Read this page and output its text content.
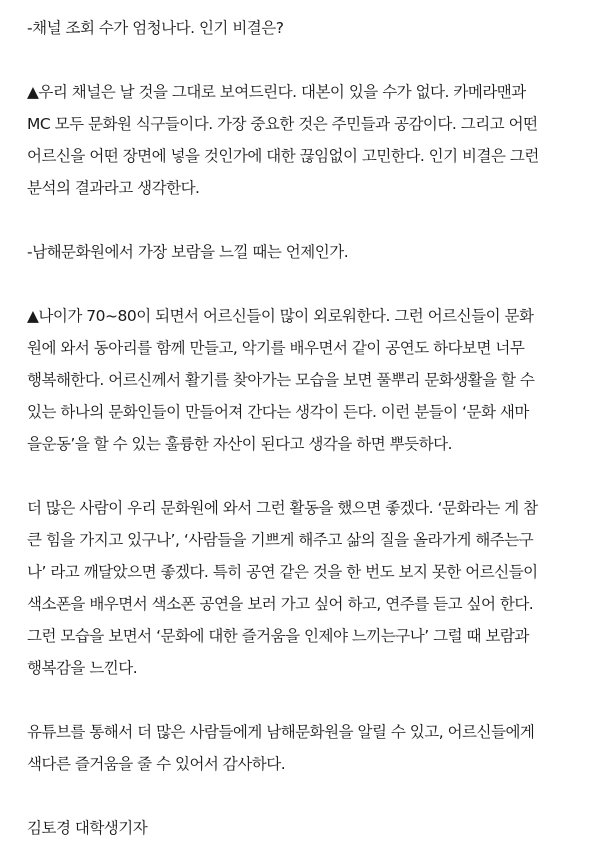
-채널 조회 수가 엄청나다. 인기 비결은?

▲우리 채널은 날 것을 그대로 보여드린다. 대본이 있을 수가 없다. 카메라맨과
MC 모두 문화원 식구들이다. 가장 중요한 것은 주민들과 공감이다. 그리고 어떤
어르신을 어떤 장면에 넣을 것인가에 대한 끊임없이 고민한다. 인기 비결은 그런
분석의 결과라고 생각한다.

-남해문화원에서 가장 보람을 느낄 때는 언제인가.

▲나이가 70~80이 되면서 어르신들이 많이 외로워한다. 그런 어르신들이 문화
원에 와서 동아리를 함께 만들고, 악기를 배우면서 같이 공연도 하다보면 너무
행복해한다. 어르신께서 활기를 찾아가는 모습을 보면 풀뿌리 문화생활을 할 수
있는 하나의 문화인들이 만들어져 간다는 생각이 든다. 이런 분들이 ‘문화 새마
을운동’을 할 수 있는 훌륭한 자산이 된다고 생각을 하면 뿌듯하다.

더 많은 사람이 우리 문화원에 와서 그런 활동을 했으면 좋겠다. ‘문화라는 게 참
큰 힘을 가지고 있구나’, ‘사람들을 기쁘게 해주고 삶의 질을 올라가게 해주는구
나’ 라고 깨달았으면 좋겠다. 특히 공연 같은 것을 한 번도 보지 못한 어르신들이
색소폰을 배우면서 색소폰 공연을 보러 가고 싶어 하고, 연주를 듣고 싶어 한다.
그런 모습을 보면서 ‘문화에 대한 즐거움을 인제야 느끼는구나’ 그럴 때 보람과
행복감을 느낀다.

유튜브를 통해서 더 많은 사람들에게 남해문화원을 알릴 수 있고, 어르신들에게
색다른 즐거움을 줄 수 있어서 감사하다.

김토경 대학생기자
